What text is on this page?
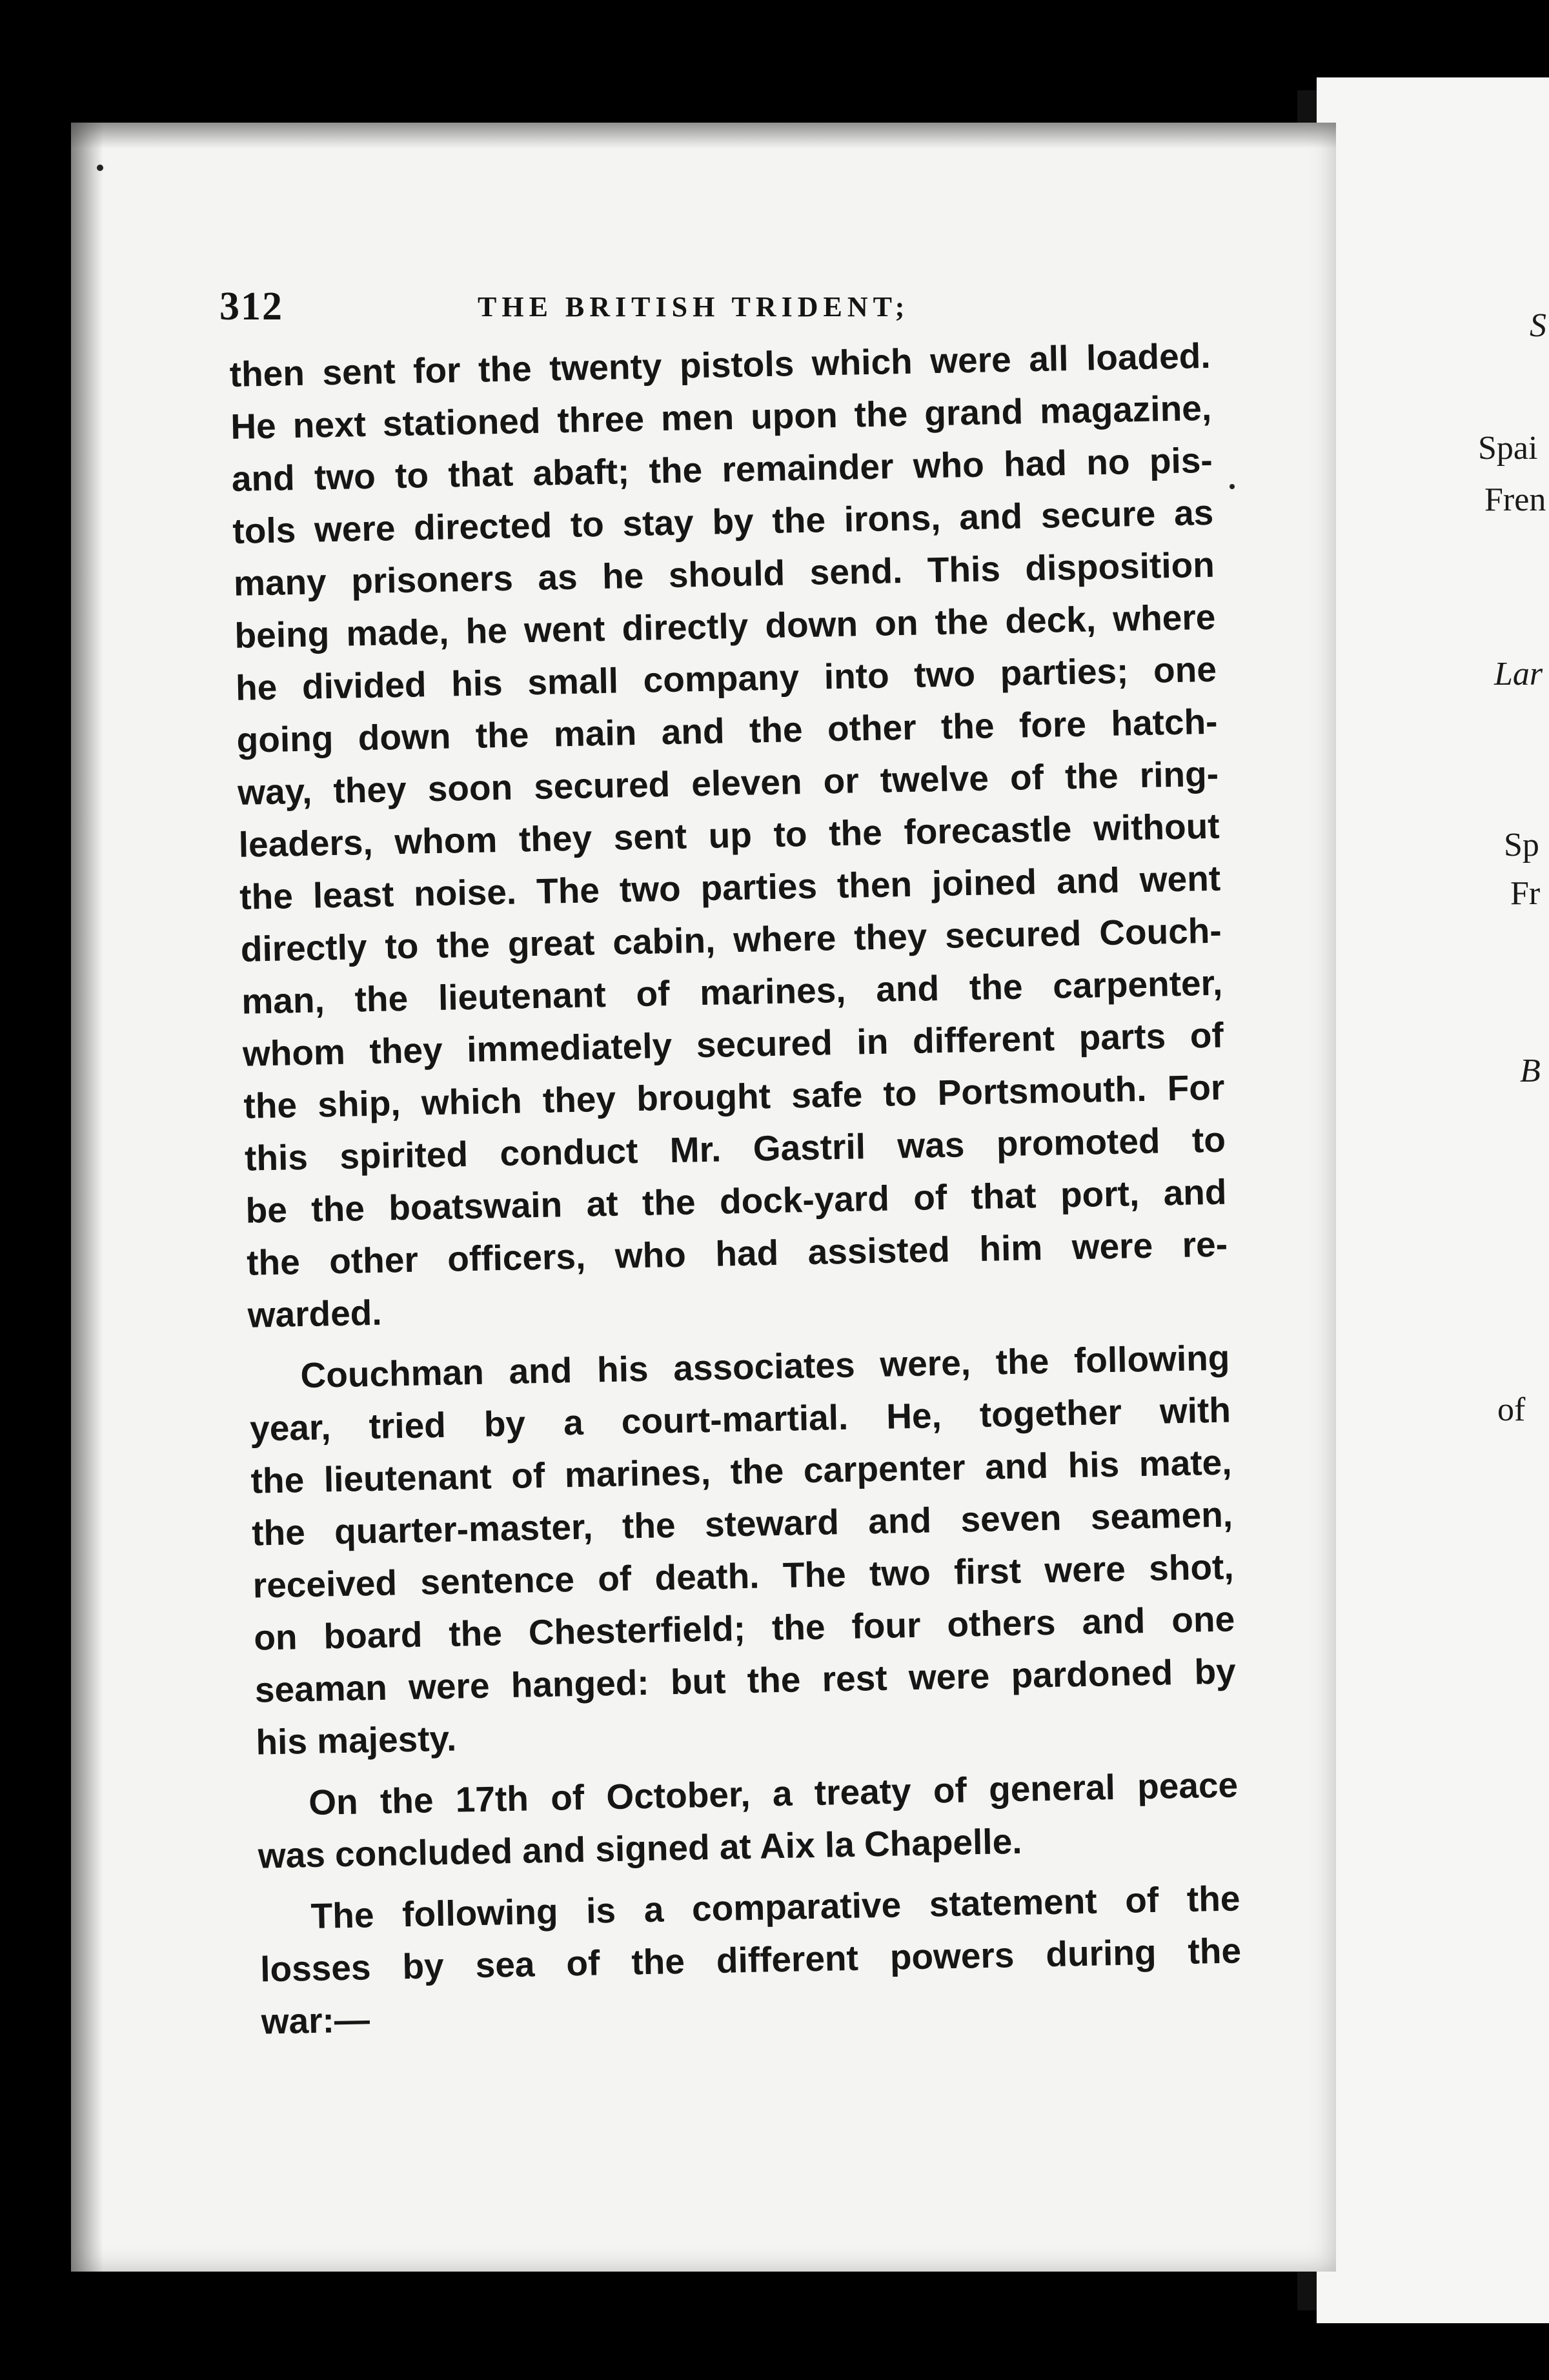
312	THE BRITISH TRIDENT;
then sent for the twenty pistols which were all loaded.
He next stationed three men upon the grand magazine,
and two to that abaft; the remainder who had no pis-
tols were directed to stay by the irons, and secure as
many prisoners as he should send. This disposition
being made, he went directly down on the deck, where
he divided his small company into two parties; one
going down the main and the other the fore hatch-
way, they soon secured eleven or twelve of the ring-
leaders, whom they sent up to the forecastle without
the least noise. The two parties then joined and went
directly to the great cabin, where they secured Couch-
man, the lieutenant of marines, and the carpenter,
whom they immediately secured in different parts of
the ship, which they brought safe to Portsmouth. For
this spirited conduct Mr. Gastril was promoted to
be the boatswain at the dock-yard of that port, and
the other officers, who had assisted him were re-
warded.
Couchman and his associates were, the following
year, tried by a court-martial. He, together with
the lieutenant of marines, the carpenter and his mate,
the quarter-master, the steward and seven seamen,
received sentence of death. The two first were shot,
on board the Chesterfield; the four others and one
seaman were hanged: but the rest were pardoned by
his majesty.
On the 17th of October, a treaty of general peace
was concluded and signed at Aix la Chapelle.
The following is a comparative statement of the
losses by sea of the different powers during the
war:—
S
Spai
Fren
Lar
Sp
Fr
B
of
